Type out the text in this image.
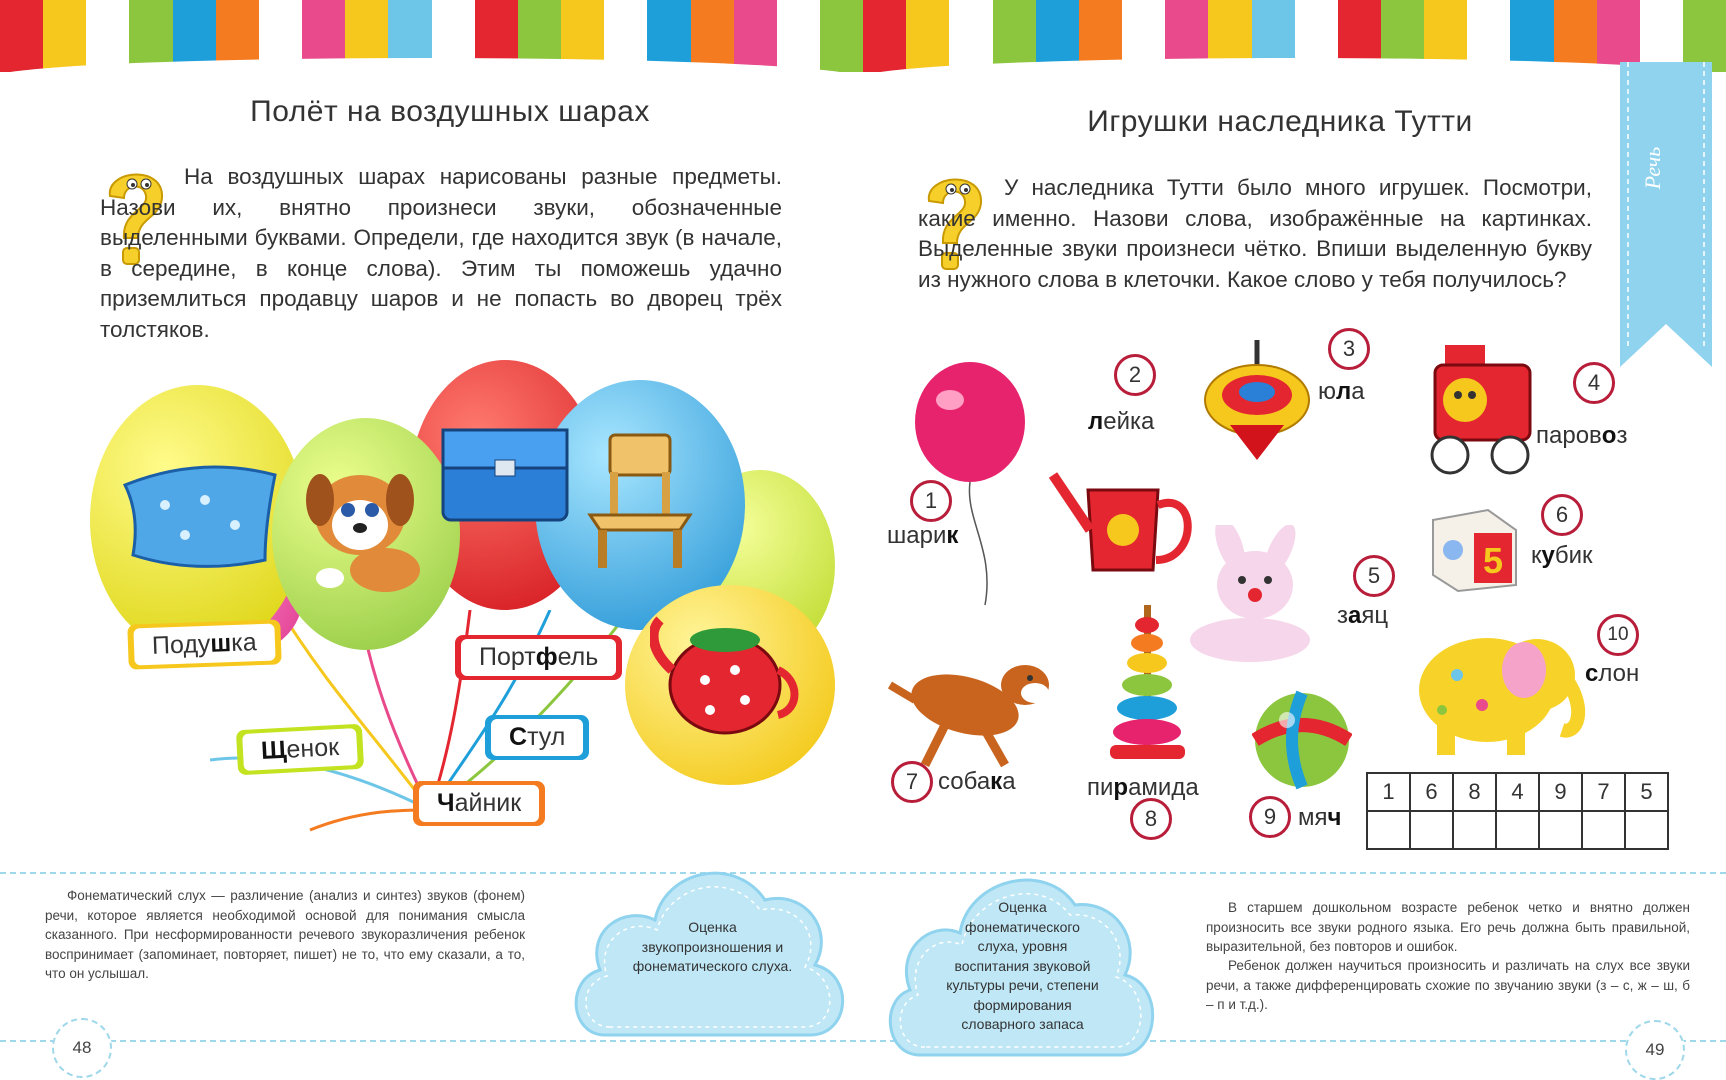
Речь
Полёт на воздушных шарах
На воздушных шарах нарисованы разные предметы. Назови их, внятно произнеси звуки, обозначенные выделенными буквами. Определи, где находится звук (в начале, в середине, в конце слова). Этим ты поможешь удачно приземлиться продавцу шаров и не попасть во дворец трёх толстяков.
Подушка	Портфель
Щенок	Стул
Чайник
Игрушки наследника Тутти
У наследника Тутти было много игрушек. Посмотри, какие именно. Назови слова, изображённые на картинках. Выделенные звуки произнеси чётко. Впиши выделенную букву из нужного слова в клеточки. Какое слово у тебя получилось?
5
1
шарик
2
лейка
3
юла	4
паровоз
5
заяц
6
кубик
7 собака
8
пирамида
9 мяч
10
слон
1	6	8	4	9	7	5

Фонематический слух — различение (анализ и синтез) звуков (фонем) речи, которое является необходимой основой для понимания смысла сказанного. При несформированности речевого звукоразличения ребенок воспринимает (запоминает, повторяет, пишет) не то, что ему сказали, а то, что он услышал.
Оценка звукопроизношения и фонематического слуха.
Оценка фонематического слуха, уровня воспитания звуковой культуры речи, степени формирования словарного запаса
В старшем дошкольном возрасте ребенок четко и внятно должен произносить все звуки родного языка. Его речь должна быть правильной, выразительной, без повторов и ошибок.
Ребенок должен научиться произносить и различать на слух все звуки речи, а также дифференцировать схожие по звучанию звуки (з – с, ж – ш, б – п и т.д.).
48	49
